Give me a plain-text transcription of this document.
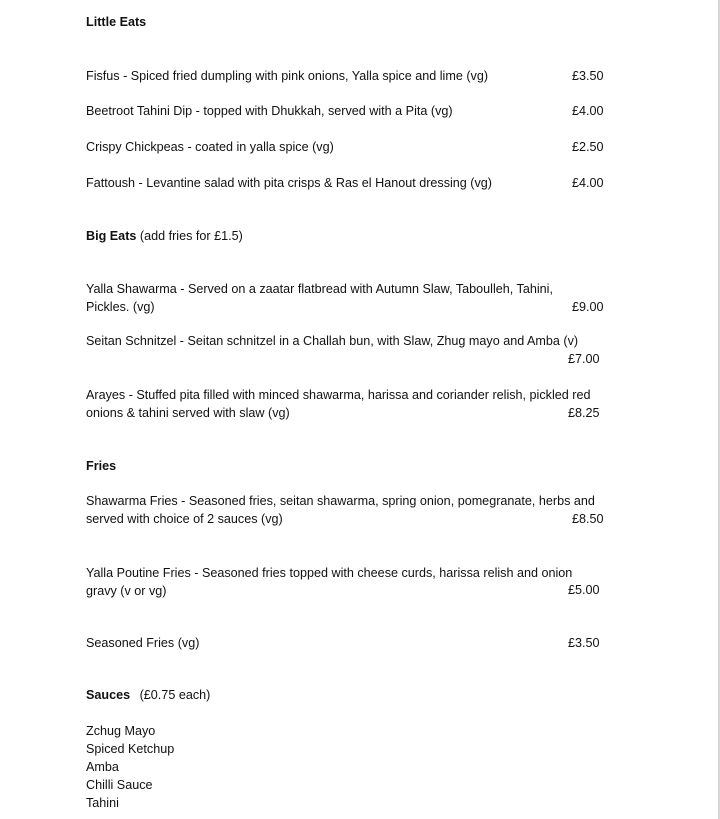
Little Eats
Fisfus - Spiced fried dumpling with pink onions, Yalla spice and lime (vg)	£3.50
Beetroot Tahini Dip - topped with Dhukkah, served with a Pita (vg)	£4.00
Crispy Chickpeas - coated in yalla spice (vg)	£2.50
Fattoush - Levantine salad with pita crisps & Ras el Hanout dressing (vg)	£4.00
Big Eats (add fries for £1.5)
Yalla Shawarma - Served on a zaatar flatbread with Autumn Slaw, Taboulleh, Tahini,
Pickles. (vg)	£9.00
Seitan Schnitzel - Seitan schnitzel in a Challah bun, with Slaw, Zhug mayo and Amba (v)
£7.00
Arayes - Stuffed pita filled with minced shawarma, harissa and coriander relish, pickled red
onions & tahini served with slaw (vg)	£8.25
Fries
Shawarma Fries - Seasoned fries, seitan shawarma, spring onion, pomegranate, herbs and
served with choice of 2 sauces (vg)	£8.50
Yalla Poutine Fries - Seasoned fries topped with cheese curds, harissa relish and onion
gravy (v or vg)	£5.00
Seasoned Fries (vg)	£3.50
Sauces (£0.75 each)
Zchug Mayo
Spiced Ketchup
Amba
Chilli Sauce
Tahini
